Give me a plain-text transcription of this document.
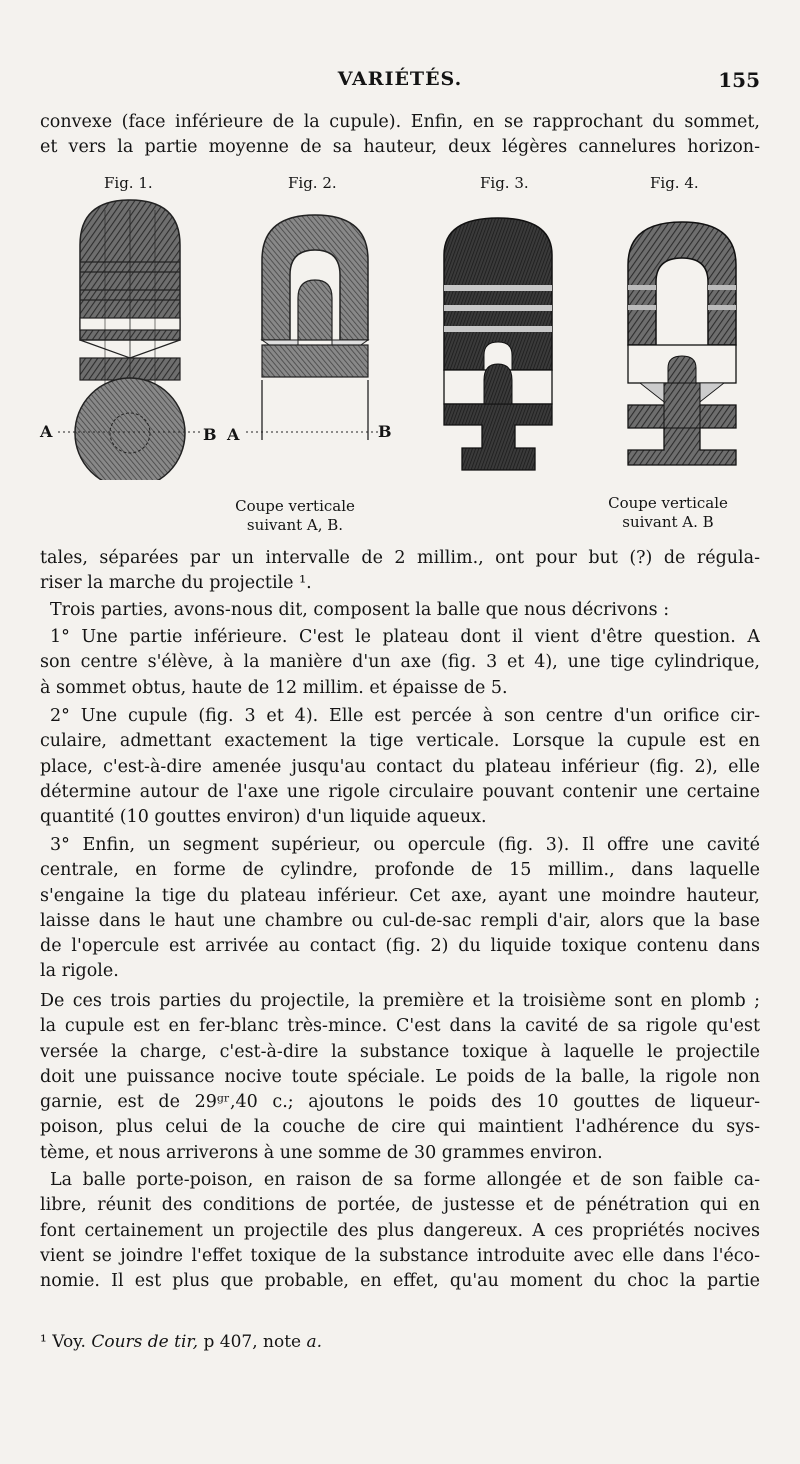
VARIÉTÉS.	155

convexe (face inférieure de la cupule). Enfin, en se rapprochant du sommet,
et vers la partie moyenne de sa hauteur, deux légères cannelures horizon-

Fig. 1.	Fig. 2.	Fig. 3.	Fig. 4.
A	B A	B
Coupe verticale
suivant A, B.
Coupe verticale
suivant A. B

tales, séparées par un intervalle de 2 millim., ont pour but (?) de régula-
riser la marche du projectile ¹.

Trois parties, avons-nous dit, composent la balle que nous décrivons :

1° Une partie inférieure. C'est le plateau dont il vient d'être question. A
son centre s'élève, à la manière d'un axe (fig. 3 et 4), une tige cylindrique,
à sommet obtus, haute de 12 millim. et épaisse de 5.

2° Une cupule (fig. 3 et 4). Elle est percée à son centre d'un orifice cir-
culaire, admettant exactement la tige verticale. Lorsque la cupule est en
place, c'est-à-dire amenée jusqu'au contact du plateau inférieur (fig. 2), elle
détermine autour de l'axe une rigole circulaire pouvant contenir une certaine
quantité (10 gouttes environ) d'un liquide aqueux.

3° Enfin, un segment supérieur, ou opercule (fig. 3). Il offre une cavité
centrale, en forme de cylindre, profonde de 15 millim., dans laquelle
s'engaine la tige du plateau inférieur. Cet axe, ayant une moindre hauteur,
laisse dans le haut une chambre ou cul-de-sac rempli d'air, alors que la base
de l'opercule est arrivée au contact (fig. 2) du liquide toxique contenu dans
la rigole.

De ces trois parties du projectile, la première et la troisième sont en plomb ;
la cupule est en fer-blanc très-mince. C'est dans la cavité de sa rigole qu'est
versée la charge, c'est-à-dire la substance toxique à laquelle le projectile
doit une puissance nocive toute spéciale. Le poids de la balle, la rigole non
garnie, est de 29ᵍʳ,40 c.; ajoutons le poids des 10 gouttes de liqueur-
poison, plus celui de la couche de cire qui maintient l'adhérence du sys-
tème, et nous arriverons à une somme de 30 grammes environ.

La balle porte-poison, en raison de sa forme allongée et de son faible ca-
libre, réunit des conditions de portée, de justesse et de pénétration qui en
font certainement un projectile des plus dangereux. A ces propriétés nocives
vient se joindre l'effet toxique de la substance introduite avec elle dans l'éco-
nomie. Il est plus que probable, en effet, qu'au moment du choc la partie

¹ Voy. Cours de tir, p 407, note a.
